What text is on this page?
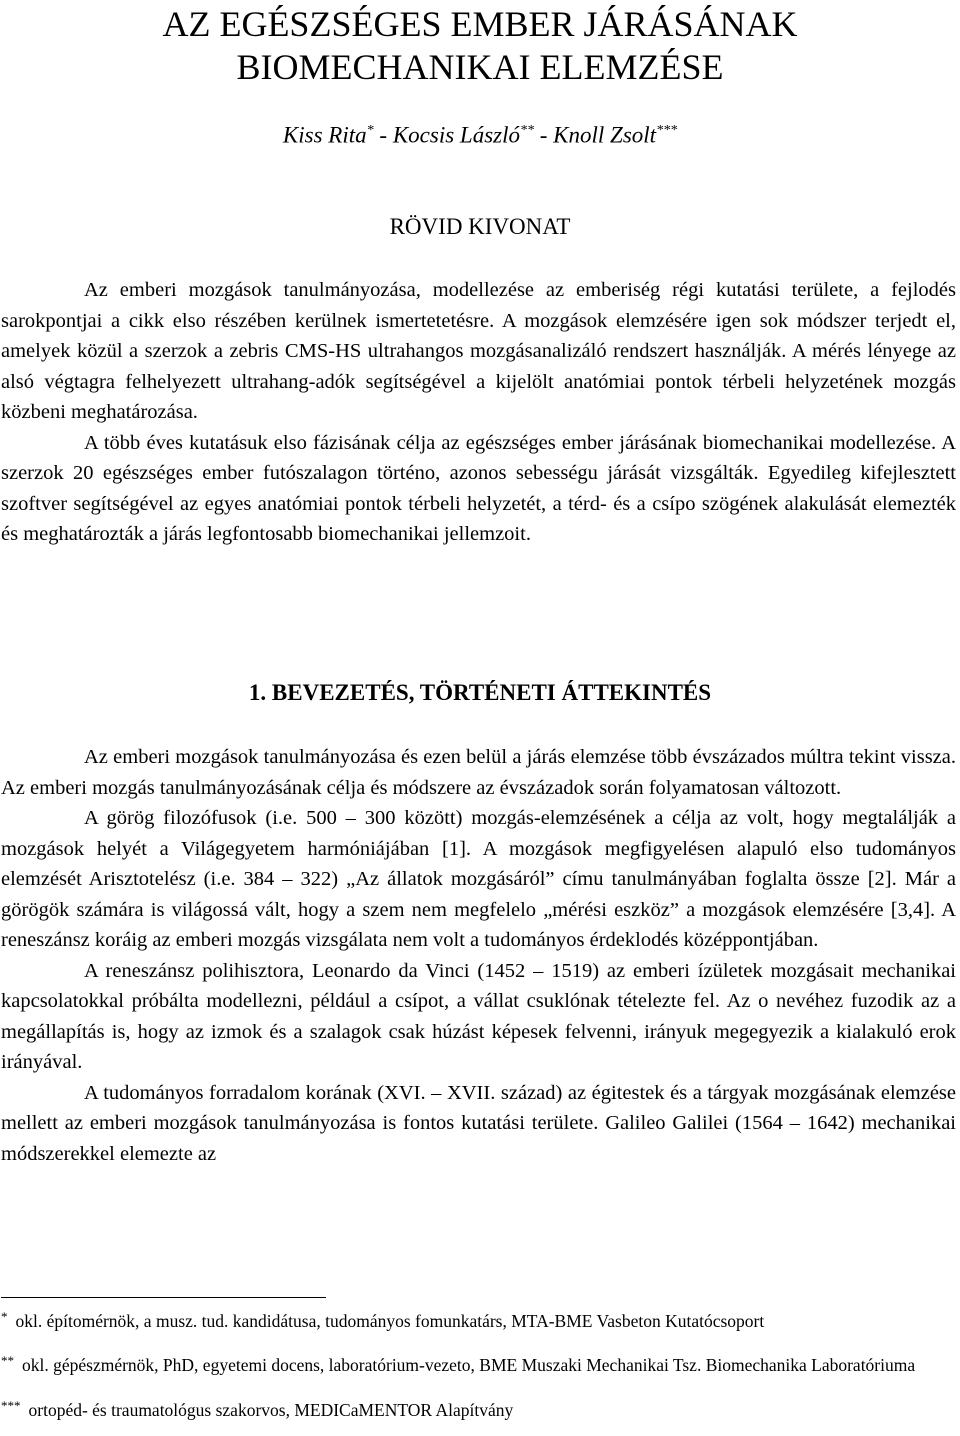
AZ EGÉSZSÉGES EMBER JÁRÁSÁNAK
BIOMECHANIKAI ELEMZÉSE
Kiss Rita* - Kocsis László** - Knoll Zsolt***
RÖVID KIVONAT

Az emberi mozgások tanulmányozása, modellezése az emberiség régi kutatási területe, a fejlodés sarokpontjai a cikk elso részében kerülnek ismertetetésre. A mozgások elemzésére igen sok módszer terjedt el, amelyek közül a szerzok a zebris CMS-HS ultrahangos mozgásanalizáló rendszert használják. A mérés lényege az alsó végtagra felhelyezett ultrahang-adók segítségével a kijelölt anatómiai pontok térbeli helyzetének mozgás közbeni meghatározása.

A több éves kutatásuk elso fázisának célja az egészséges ember járásának biomechanikai modellezése. A szerzok 20 egészséges ember futószalagon történo, azonos sebességu járását vizsgálták. Egyedileg kifejlesztett szoftver segítségével az egyes anatómiai pontok térbeli helyzetét, a térd- és a csípo szögének alakulását elemezték és meghatározták a járás legfontosabb biomechanikai jellemzoit.

1. BEVEZETÉS, TÖRTÉNETI ÁTTEKINTÉS

Az emberi mozgások tanulmányozása és ezen belül a járás elemzése több évszázados múltra tekint vissza. Az emberi mozgás tanulmányozásának célja és módszere az évszázadok során folyamatosan változott.

A görög filozófusok (i.e. 500 – 300 között) mozgás-elemzésének a célja az volt, hogy megtalálják a mozgások helyét a Világegyetem harmóniájában [1]. A mozgások megfigyelésen alapuló elso tudományos elemzését Arisztotelész (i.e. 384 – 322) „Az állatok mozgásáról” címu tanulmányában foglalta össze [2]. Már a görögök számára is világossá vált, hogy a szem nem megfelelo „mérési eszköz” a mozgások elemzésére [3,4]. A reneszánsz koráig az emberi mozgás vizsgálata nem volt a tudományos érdeklodés középpontjában.

A reneszánsz polihisztora, Leonardo da Vinci (1452 – 1519) az emberi ízületek mozgásait mechanikai kapcsolatokkal próbálta modellezni, például a csípot, a vállat csuklónak tételezte fel. Az o nevéhez fuzodik az a megállapítás is, hogy az izmok és a szalagok csak húzást képesek felvenni, irányuk megegyezik a kialakuló erok irányával.

A tudományos forradalom korának (XVI. – XVII. század) az égitestek és a tárgyak mozgásának elemzése mellett az emberi mozgások tanulmányozása is fontos kutatási területe. Galileo Galilei (1564 – 1642) mechanikai módszerekkel elemezte az

* okl. építomérnök, a musz. tud. kandidátusa, tudományos fomunkatárs, MTA-BME Vasbeton Kutatócsoport
** okl. gépészmérnök, PhD, egyetemi docens, laboratórium-vezeto, BME Muszaki Mechanikai Tsz. Biomechanika Laboratóriuma
*** ortopéd- és traumatológus szakorvos, MEDICaMENTOR Alapítvány
